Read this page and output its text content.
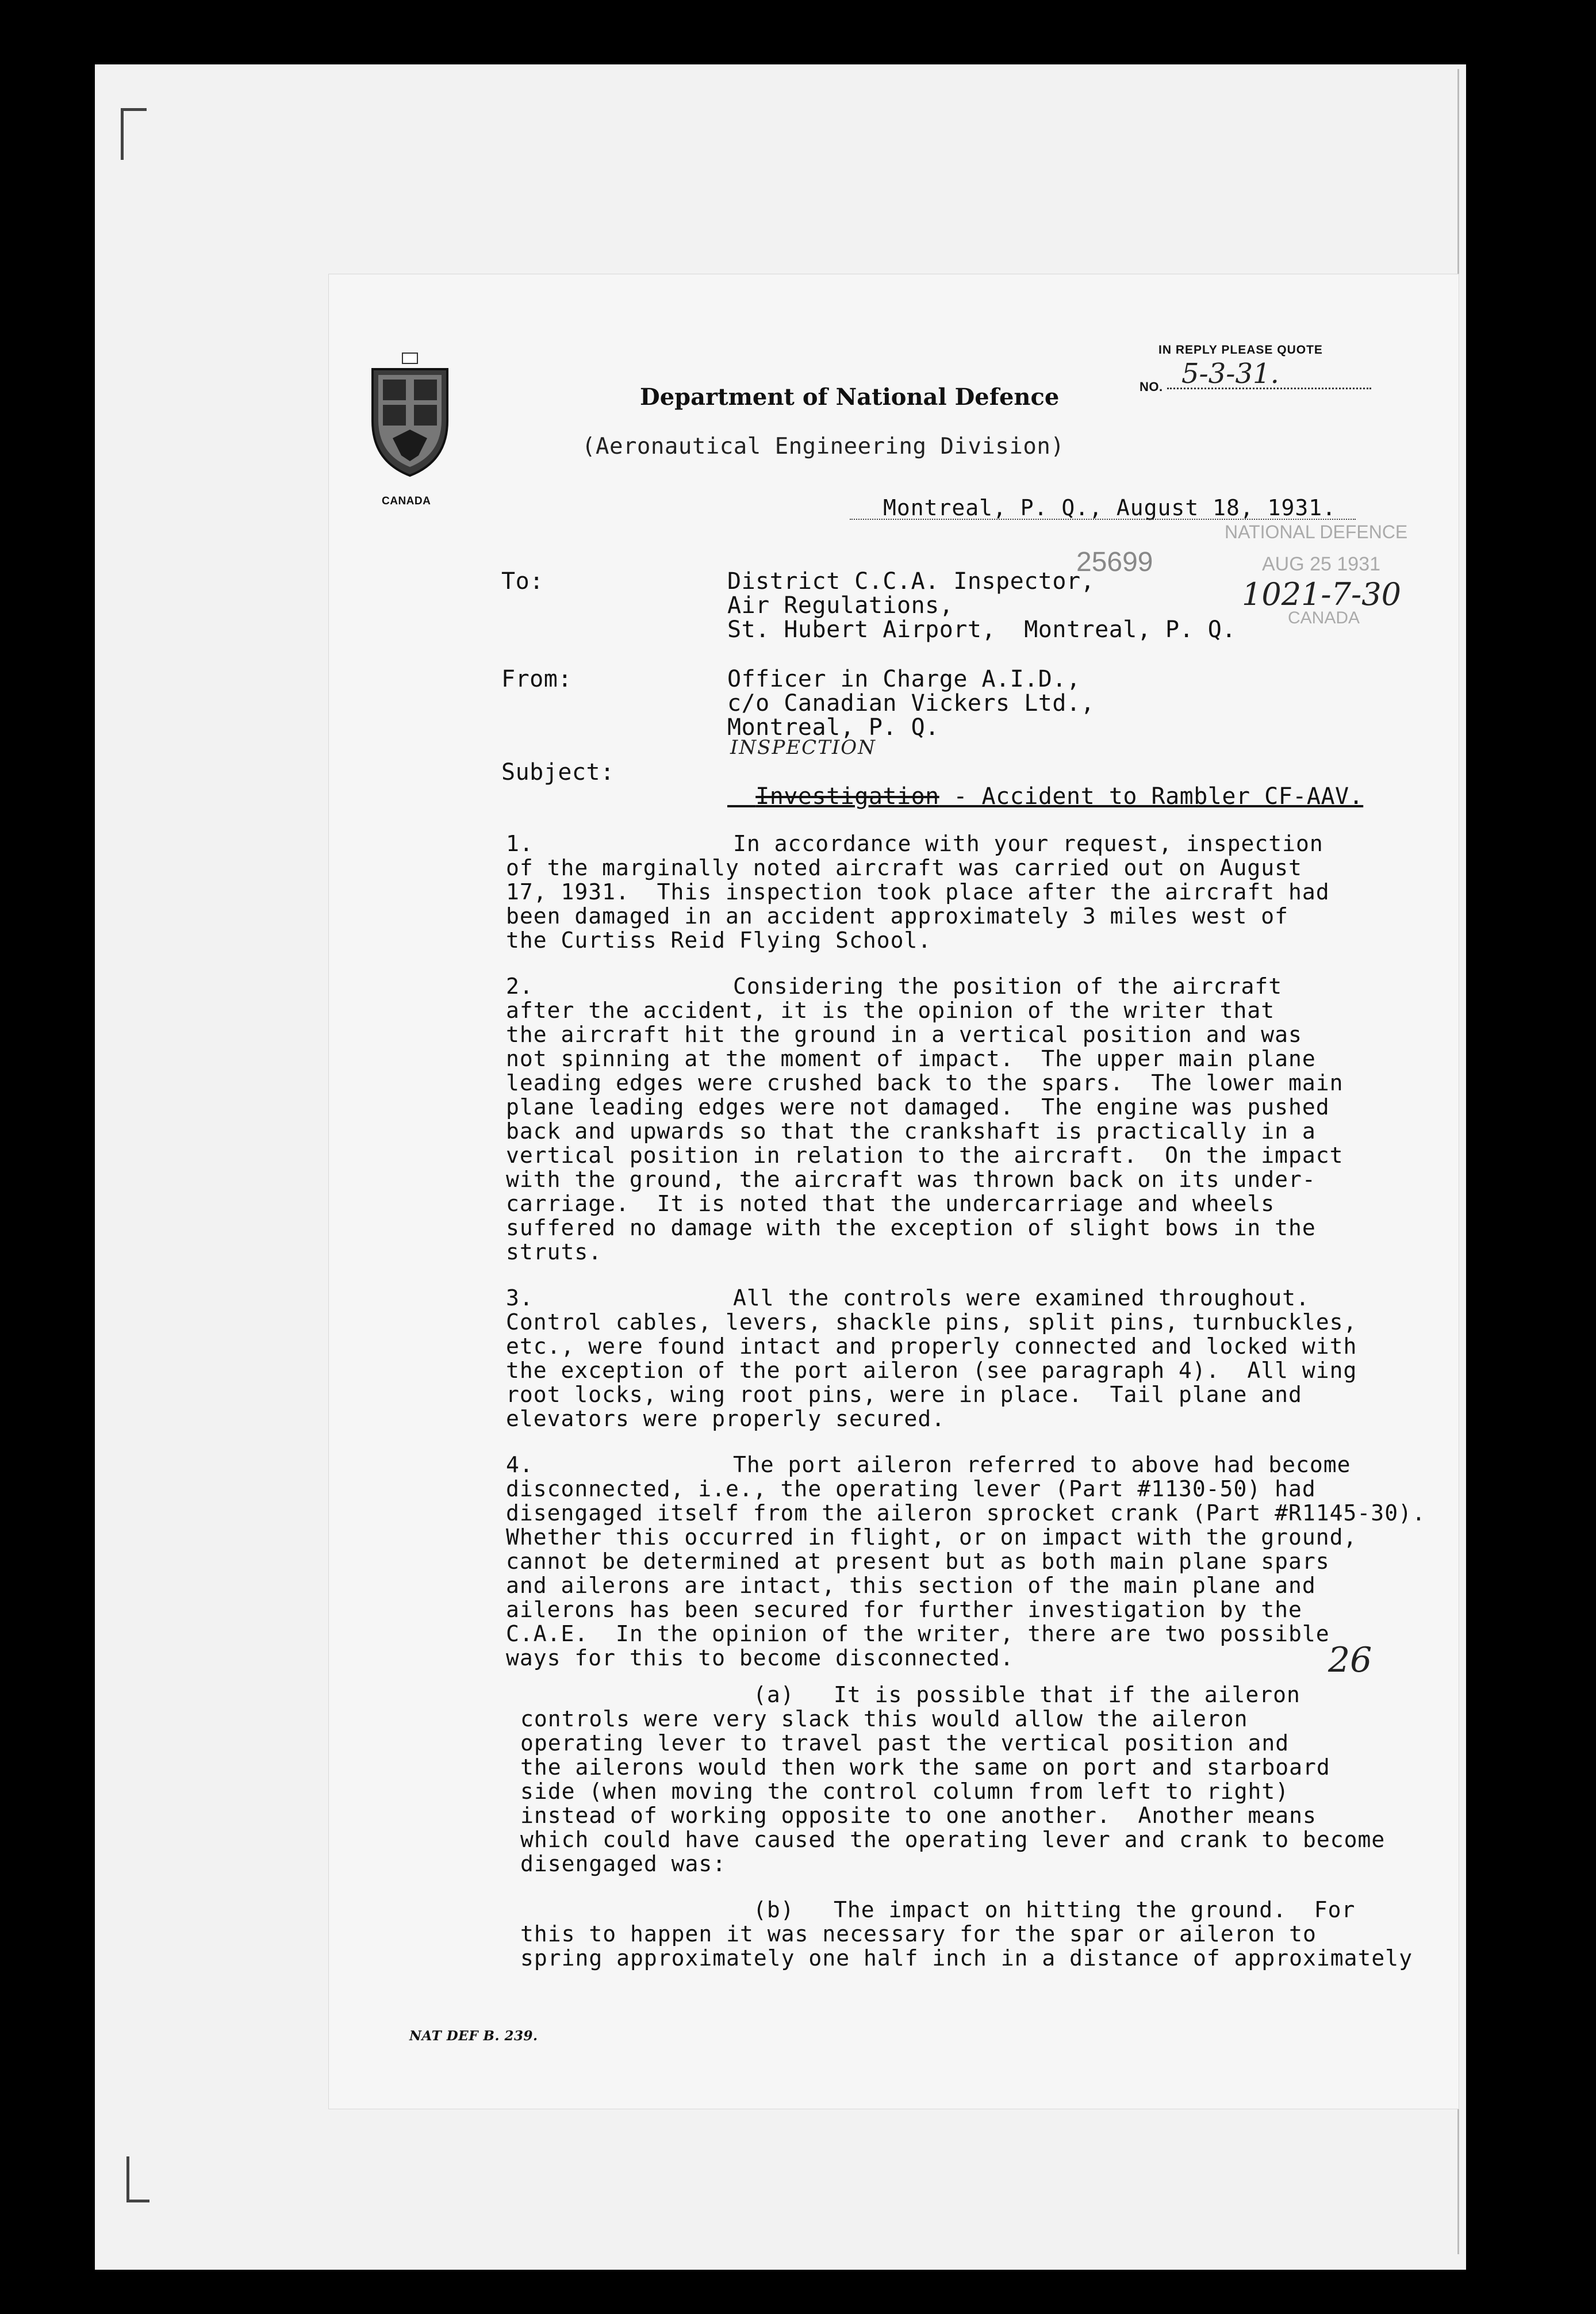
IN REPLY PLEASE QUOTE
NO. 5-3-31.
CANADA
Department of National Defence
(Aeronautical Engineering Division)
Montreal, P. Q., August 18, 1931.
25699
NATIONAL DEFENCE
AUG 25 1931
CANADA
1021-7-30
To:	District C.C.A. Inspector,
Air Regulations,
St. Hubert Airport,  Montreal, P. Q.
From:	Officer in Charge A.I.D.,
c/o Canadian Vickers Ltd.,
Montreal, P. Q.
Subject:
INSPECTION

Investigation - Accident to Rambler CF-AAV.

1.	In accordance with your request, inspection
of the marginally noted aircraft was carried out on August
17, 1931.  This inspection took place after the aircraft had
been damaged in an accident approximately 3 miles west of
the Curtiss Reid Flying School.
2.	Considering the position of the aircraft
after the accident, it is the opinion of the writer that
the aircraft hit the ground in a vertical position and was
not spinning at the moment of impact.  The upper main plane
leading edges were crushed back to the spars.  The lower main
plane leading edges were not damaged.  The engine was pushed
back and upwards so that the crankshaft is practically in a
vertical position in relation to the aircraft.  On the impact
with the ground, the aircraft was thrown back on its under-
carriage.  It is noted that the undercarriage and wheels
suffered no damage with the exception of slight bows in the
struts.
3.	All the controls were examined throughout.
Control cables, levers, shackle pins, split pins, turnbuckles,
etc., were found intact and properly connected and locked with
the exception of the port aileron (see paragraph 4).  All wing
root locks, wing root pins, were in place.  Tail plane and
elevators were properly secured.
4.	The port aileron referred to above had become
disconnected, i.e., the operating lever (Part #1130-50) had
disengaged itself from the aileron sprocket crank (Part #R1145-30).
Whether this occurred in flight, or on impact with the ground,
cannot be determined at present but as both main plane spars
and ailerons are intact, this section of the main plane and
ailerons has been secured for further investigation by the
C.A.E.  In the opinion of the writer, there are two possible
ways for this to become disconnected.	26
(a) It is possible that if the aileron
controls were very slack this would allow the aileron
operating lever to travel past the vertical position and
the ailerons would then work the same on port and starboard
side (when moving the control column from left to right)
instead of working opposite to one another.  Another means
which could have caused the operating lever and crank to become
disengaged was:
(b) The impact on hitting the ground.  For
this to happen it was necessary for the spar or aileron to
spring approximately one half inch in a distance of approximately
NAT DEF B. 239.
